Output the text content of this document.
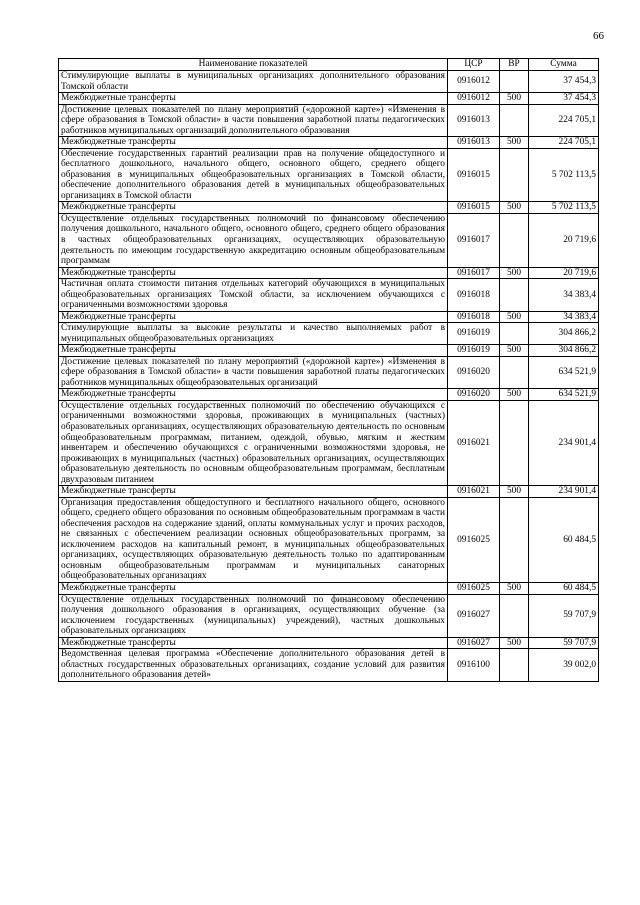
66
Наименование показателей	ЦСР	ВР	Сумма
Стимулирующие выплаты в муниципальных организациях дополнительного образования Томской области	0916012		37 454,3
Межбюджетные трансферты	0916012	500	37 454,3
Достижение целевых показателей по плану мероприятий («дорожной карте») «Изменения в сфере образования в Томской области» в части повышения заработной платы педагогических работников муниципальных организаций дополнительного образования	0916013		224 705,1
Межбюджетные трансферты	0916013	500	224 705,1
Обеспечение государственных гарантий реализации прав на получение общедоступного и бесплатного дошкольного, начального общего, основного общего, среднего общего образования в муниципальных общеобразовательных организациях в Томской области, обеспечение дополнительного образования детей в муниципальных общеобразовательных организациях в Томской области	0916015		5 702 113,5
Межбюджетные трансферты	0916015	500	5 702 113,5
Осуществление отдельных государственных полномочий по финансовому обеспечению получения дошкольного, начального общего, основного общего, среднего общего образования в частных общеобразовательных организациях, осуществляющих образовательную деятельность по имеющим государственную аккредитацию основным общеобразовательным программам	0916017		20 719,6
Межбюджетные трансферты	0916017	500	20 719,6
Частичная оплата стоимости питания отдельных категорий обучающихся в муниципальных общеобразовательных организациях Томской области, за исключением обучающихся с ограниченными возможностями здоровья	0916018		34 383,4
Межбюджетные трансферты	0916018	500	34 383,4
Стимулирующие выплаты за высокие результаты и качество выполняемых работ в муниципальных общеобразовательных организациях	0916019		304 866,2
Межбюджетные трансферты	0916019	500	304 866,2
Достижение целевых показателей по плану мероприятий («дорожной карте») «Изменения в сфере образования в Томской области» в части повышения заработной платы педагогических работников муниципальных общеобразовательных организаций	0916020		634 521,9
Межбюджетные трансферты	0916020	500	634 521,9
Осуществление отдельных государственных полномочий по обеспечению обучающихся с ограниченными возможностями здоровья, проживающих в муниципальных (частных) образовательных организациях, осуществляющих образовательную деятельность по основным общеобразовательным программам, питанием, одеждой, обувью, мягким и жестким инвентарем и обеспечению обучающихся с ограниченными возможностями здоровья, не проживающих в муниципальных (частных) образовательных организациях, осуществляющих образовательную деятельность по основным общеобразовательным программам, бесплатным двухразовым питанием	0916021		234 901,4
Межбюджетные трансферты	0916021	500	234 901,4
Организация предоставления общедоступного и бесплатного начального общего, основного общего, среднего общего образования по основным общеобразовательным программам в части обеспечения расходов на содержание зданий, оплаты коммунальных услуг и прочих расходов, не связанных с обеспечением реализации основных общеобразовательных программ, за исключением расходов на капитальный ремонт, в муниципальных общеобразовательных организациях, осуществляющих образовательную деятельность только по адаптированным основным общеобразовательным программам и муниципальных санаторных общеобразовательных организациях	0916025		60 484,5
Межбюджетные трансферты	0916025	500	60 484,5
Осуществление отдельных государственных полномочий по финансовому обеспечению получения дошкольного образования в организациях, осуществляющих обучение (за исключением государственных (муниципальных) учреждений), частных дошкольных образовательных организациях	0916027		59 707,9
Межбюджетные трансферты	0916027	500	59 707,9
Ведомственная целевая программа «Обеспечение дополнительного образования детей в областных государственных образовательных организациях, создание условий для развития дополнительного образования детей»	0916100		39 002,0
